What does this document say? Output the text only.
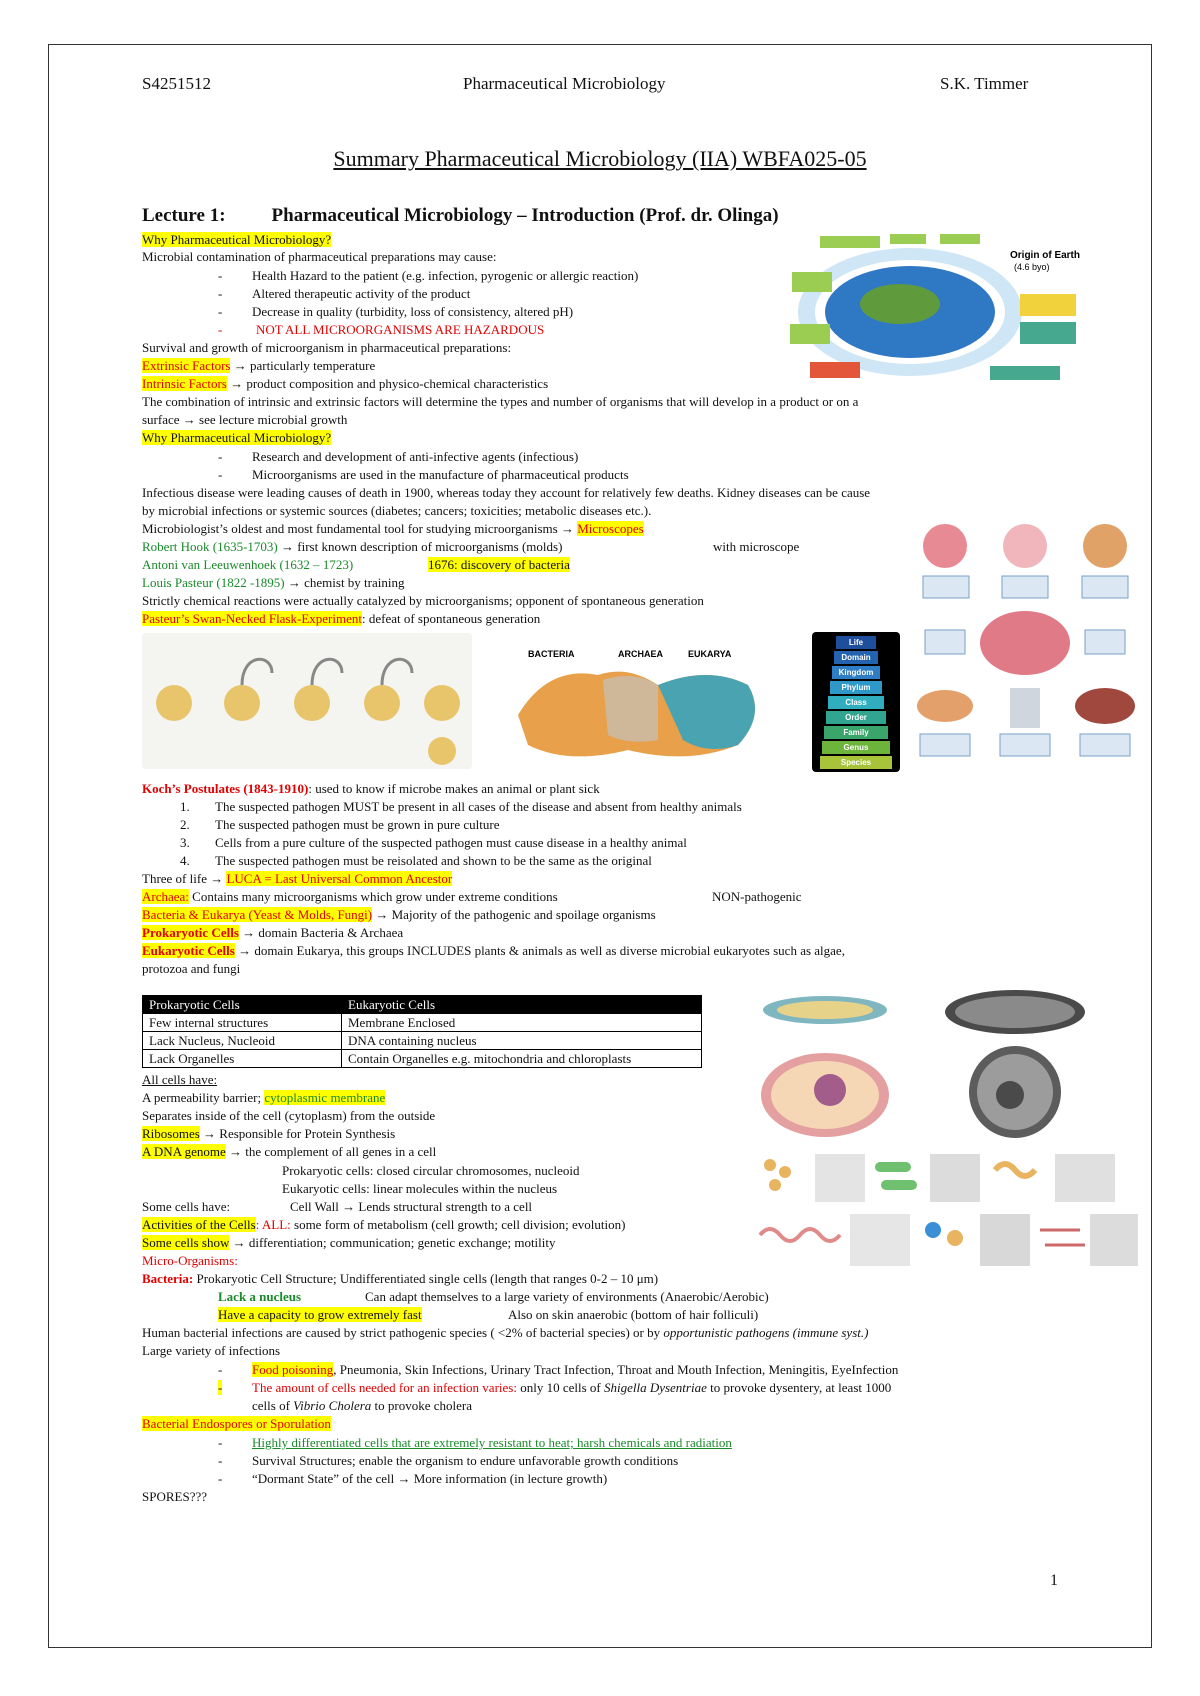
S4251512	Pharmaceutical Microbiology	S.K. Timmer
Summary Pharmaceutical Microbiology (IIA) WBFA025-05
Lecture 1: Pharmaceutical Microbiology – Introduction (Prof. dr. Olinga)
Why Pharmaceutical Microbiology?
Microbial contamination of pharmaceutical preparations may cause:
- Health Hazard to the patient (e.g. infection, pyrogenic or allergic reaction)
- Altered therapeutic activity of the product
- Decrease in quality (turbidity, loss of consistency, altered pH)
-	NOT ALL MICROORGANISMS ARE HAZARDOUS
Survival and growth of microorganism in pharmaceutical preparations:
Extrinsic Factors → particularly temperature
Intrinsic Factors → product composition and physico-chemical characteristics
The combination of intrinsic and extrinsic factors will determine the types and number of organisms that will develop in a product or on a
surface → see lecture microbial growth
Why Pharmaceutical Microbiology?
- Research and development of anti-infective agents (infectious)
- Microorganisms are used in the manufacture of pharmaceutical products
Infectious disease were leading causes of death in 1900, whereas today they account for relatively few deaths. Kidney diseases can be cause
by microbial infections or systemic sources (diabetes; cancers; toxicities; metabolic diseases etc.).
Microbiologist’s oldest and most fundamental tool for studying microorganisms → Microscopes
Robert Hook (1635-1703) → first known description of microorganisms (molds)	with microscope
Antoni van Leeuwenhoek (1632 – 1723)	1676: discovery of bacteria
Louis Pasteur (1822 -1895) → chemist by training
Strictly chemical reactions were actually catalyzed by microorganisms; opponent of spontaneous generation
Pasteur’s Swan-Necked Flask-Experiment: defeat of spontaneous generation
Koch’s Postulates (1843-1910): used to know if microbe makes an animal or plant sick
1. The suspected pathogen MUST be present in all cases of the disease and absent from healthy animals
2. The suspected pathogen must be grown in pure culture
3. Cells from a pure culture of the suspected pathogen must cause disease in a healthy animal
4. The suspected pathogen must be reisolated and shown to be the same as the original
Three of life → LUCA = Last Universal Common Ancestor
Archaea: Contains many microorganisms which grow under extreme conditions	NON-pathogenic
Bacteria & Eukarya (Yeast & Molds, Fungi) → Majority of the pathogenic and spoilage organisms
Prokaryotic Cells → domain Bacteria & Archaea
Eukaryotic Cells → domain Eukarya, this groups INCLUDES plants & animals as well as diverse microbial eukaryotes such as algae,
protozoa and fungi
Prokaryotic Cells	Eukaryotic Cells
Few internal structures	Membrane Enclosed
Lack Nucleus, Nucleoid	DNA containing nucleus
Lack Organelles	Contain Organelles e.g. mitochondria and chloroplasts
All cells have:
A permeability barrier; cytoplasmic membrane
Separates inside of the cell (cytoplasm) from the outside
Ribosomes → Responsible for Protein Synthesis
A DNA genome → the complement of all genes in a cell
Prokaryotic cells: closed circular chromosomes, nucleoid
Eukaryotic cells: linear molecules within the nucleus
Some cells have:	Cell Wall → Lends structural strength to a cell
Activities of the Cells: ALL: some form of metabolism (cell growth; cell division; evolution)
Some cells show → differentiation; communication; genetic exchange; motility
Micro-Organisms:
Bacteria: Prokaryotic Cell Structure; Undifferentiated single cells (length that ranges 0-2 – 10 μm)
Lack a nucleus	Can adapt themselves to a large variety of environments (Anaerobic/Aerobic)
Have a capacity to grow extremely fast	Also on skin anaerobic (bottom of hair folliculi)
Human bacterial infections are caused by strict pathogenic species ( <2% of bacterial species) or by opportunistic pathogens (immune syst.)
Large variety of infections
- Food poisoning, Pneumonia, Skin Infections, Urinary Tract Infection, Throat and Mouth Infection, Meningitis, EyeInfection
- The amount of cells needed for an infection varies: only 10 cells of Shigella Dysentriae to provoke dysentery, at least 1000
cells of Vibrio Cholera to provoke cholera
Bacterial Endospores or Sporulation
- Highly differentiated cells that are extremely resistant to heat; harsh chemicals and radiation
- Survival Structures; enable the organism to endure unfavorable growth conditions
- “Dormant State” of the cell → More information (in lecture growth)
SPORES???
1
Origin of Earth
(4.6 byo)
BACTERIA	ARCHAEA	EUKARYA
Life
Domain
Kingdom
Phylum
Class
Order
Family
Genus
Species
